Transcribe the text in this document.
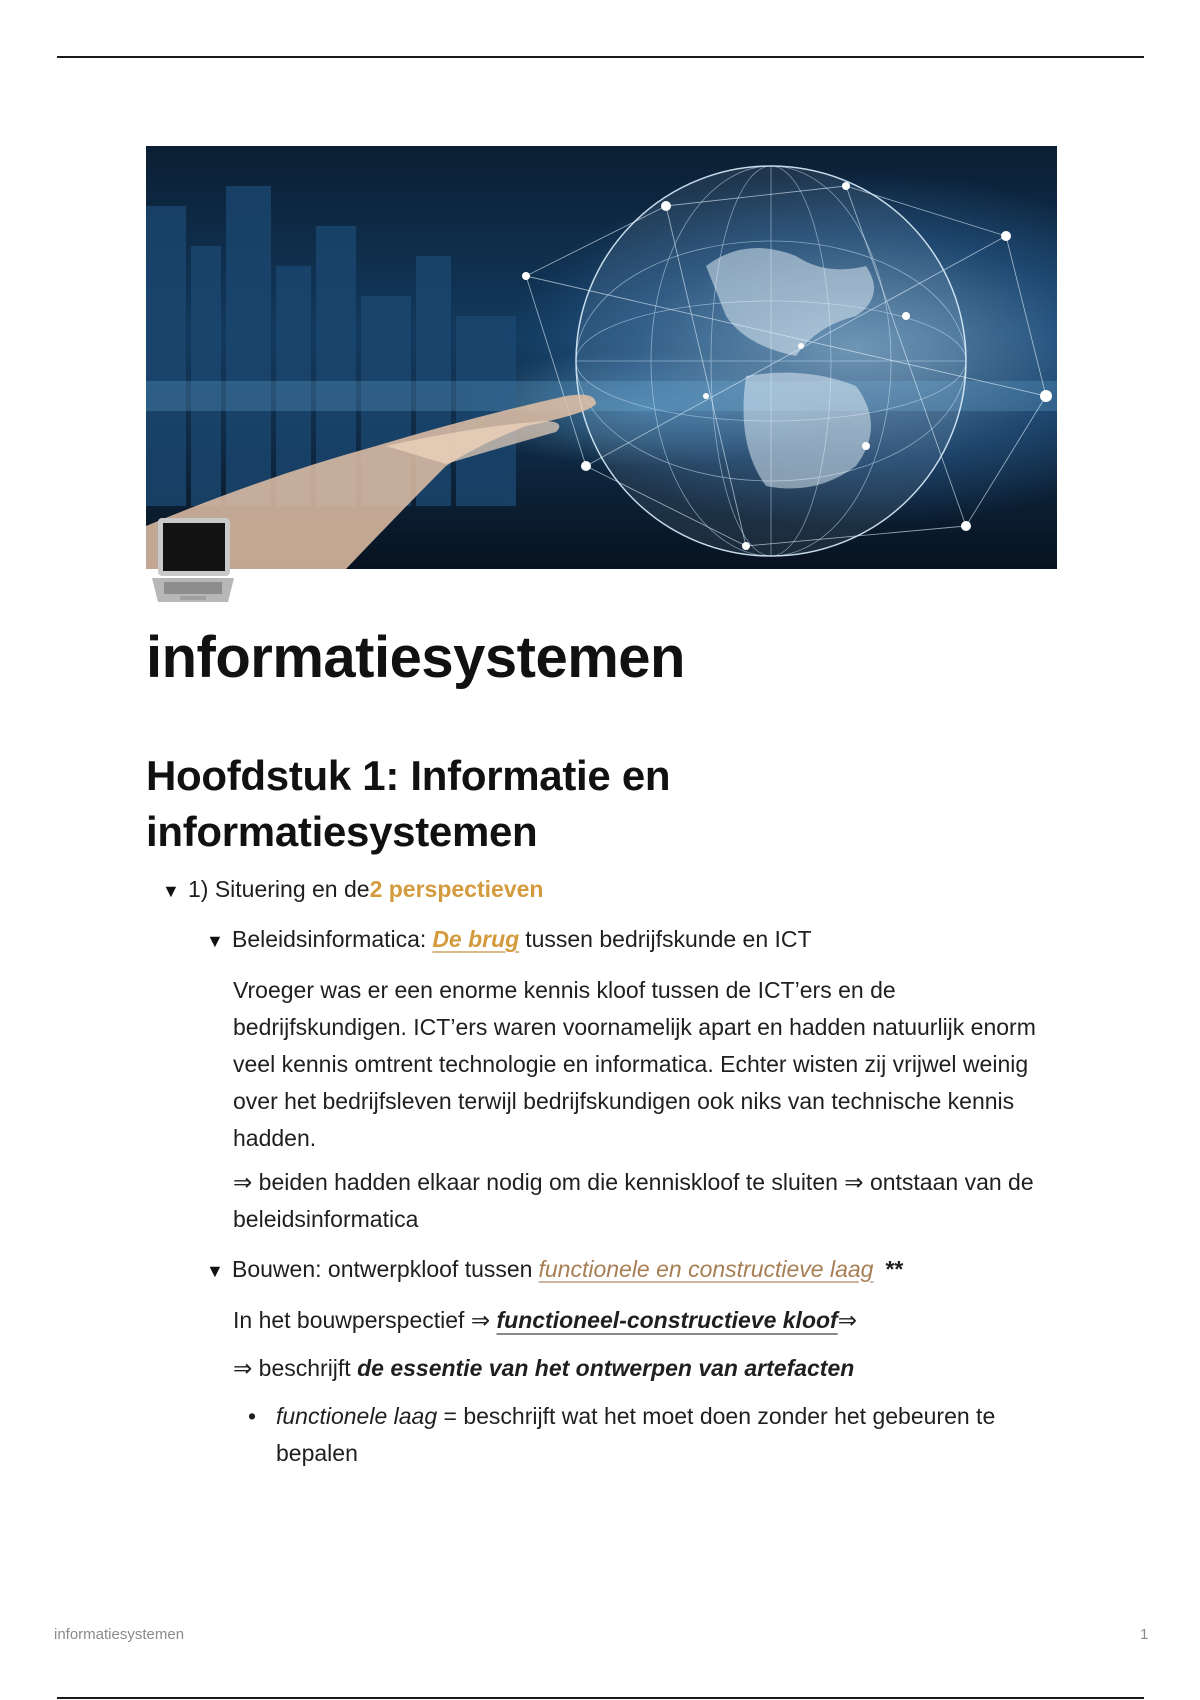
informatiesystemen
Hoofdstuk 1: Informatie en informatiesystemen
▼ 1) Situering en de 2 perspectieven
▼ Beleidsinformatica: De brug tussen bedrijfskunde en ICT

Vroeger was er een enorme kennis kloof tussen de ICT’ers en de bedrijfskundigen. ICT’ers waren voornamelijk apart en hadden natuurlijk enorm veel kennis omtrent technologie en informatica. Echter wisten zij vrijwel weinig over het bedrijfsleven terwijl bedrijfskundigen ook niks van technische kennis hadden.

⇒ beiden hadden elkaar nodig om die kenniskloof te sluiten ⇒ ontstaan van de beleidsinformatica

▼ Bouwen: ontwerpkloof tussen functionele en constructieve laag **

In het bouwperspectief ⇒ functioneel-constructieve kloof⇒

⇒ beschrijft de essentie van het ontwerpen van artefacten

• functionele laag = beschrijft wat het moet doen zonder het gebeuren te bepalen
informatiesystemen	1
